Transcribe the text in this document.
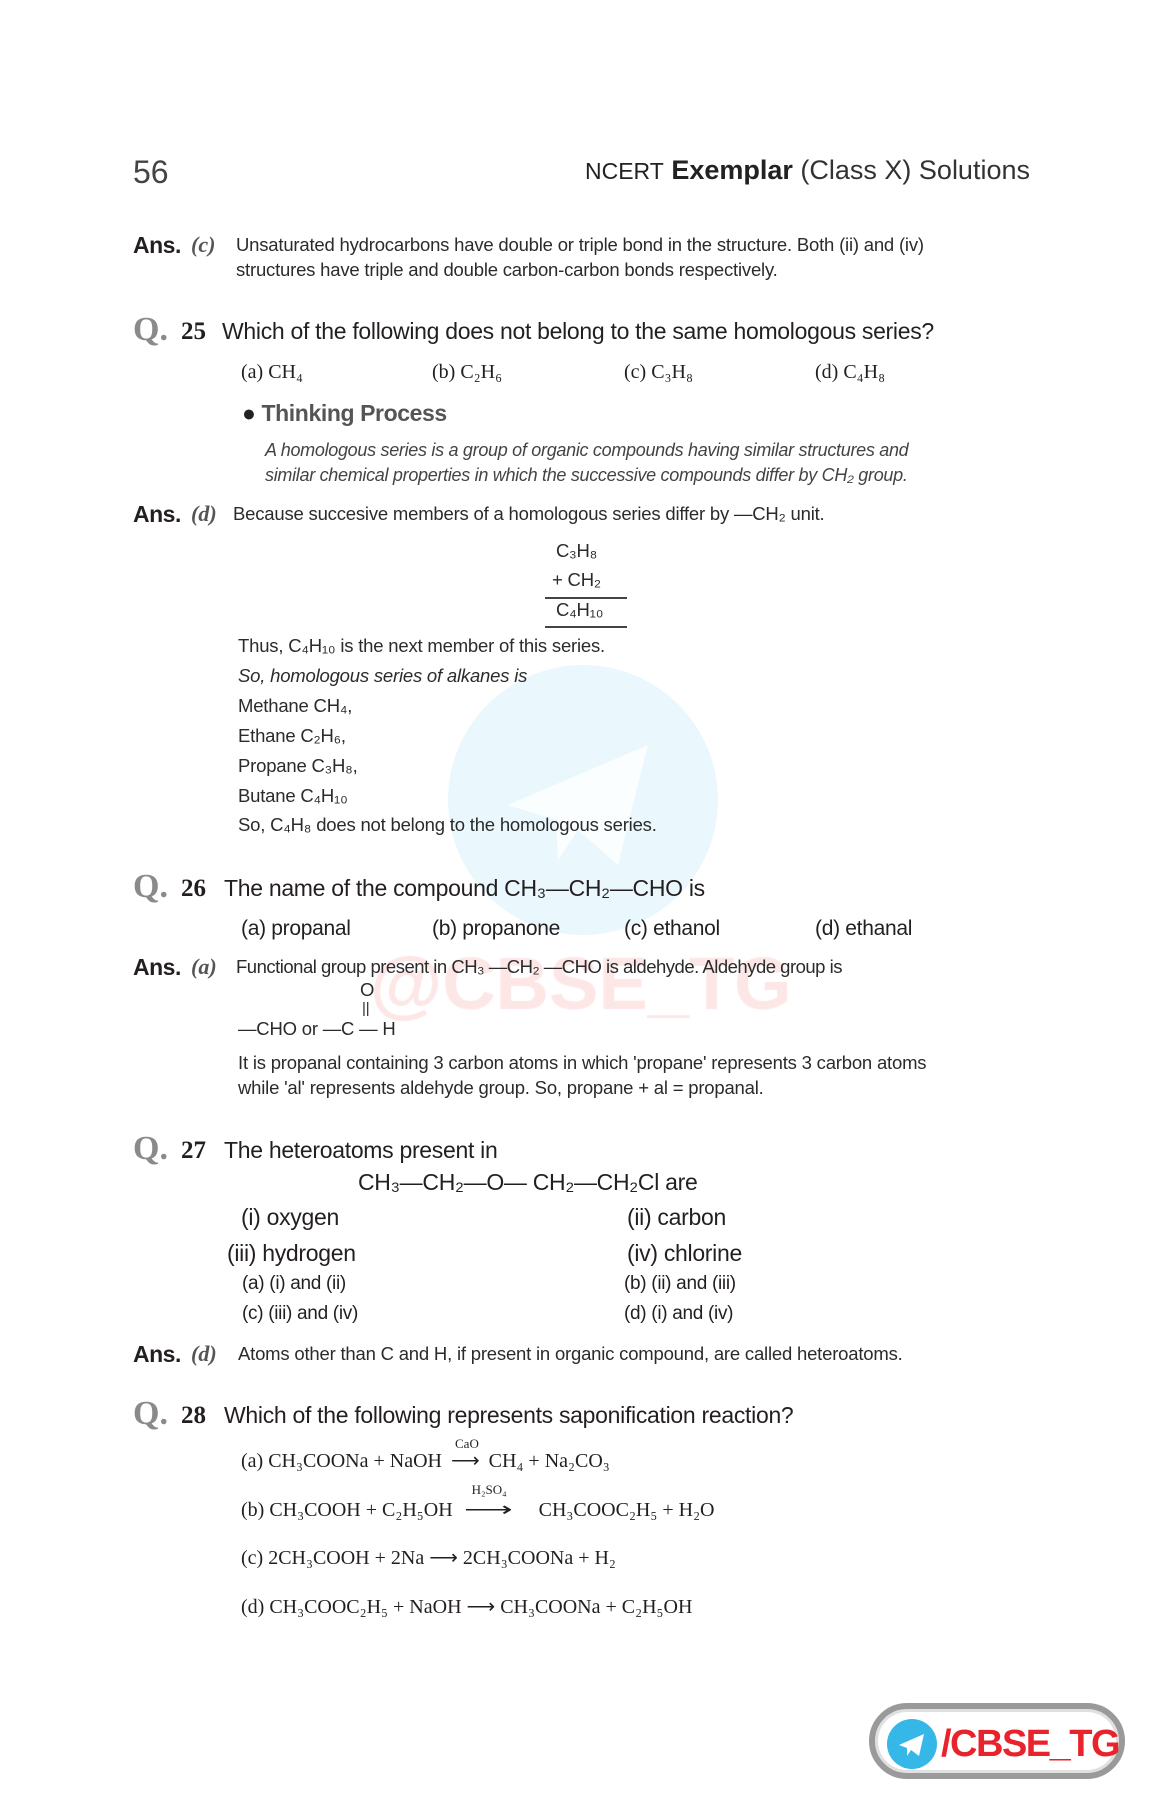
56	NCERT Exemplar (Class X) Solutions
Ans. (c) Unsaturated hydrocarbons have double or triple bond in the structure. Both (ii) and (iv)
structures have triple and double carbon-carbon bonds respectively.
Q. 25 Which of the following does not belong to the same homologous series?
(a) CH₄	(b) C₂H₆	(c) C₃H₈	(d) C₄H₈
● Thinking Process
A homologous series is a group of organic compounds having similar structures and
similar chemical properties in which the successive compounds differ by CH₂ group.
Ans. (d) Because succesive members of a homologous series differ by —CH₂ unit.
C₃H₈
+ CH₂
C₄H₁₀
Thus, C₄H₁₀ is the next member of this series.
So, homologous series of alkanes is
Methane CH₄,
Ethane C₂H₆,
Propane C₃H₈,
Butane C₄H₁₀
So, C₄H₈ does not belong to the homologous series.
Q. 26 The name of the compound CH₃—CH₂—CHO is
(a) propanal	(b) propanone	(c) ethanol	(d) ethanal
Ans. (a) Functional group present in CH₃ —CH₂ —CHO is aldehyde. Aldehyde group is
O
||
—CHO or —C — H
It is propanal containing 3 carbon atoms in which 'propane' represents 3 carbon atoms
while 'al' represents aldehyde group. So, propane + al = propanal.
Q. 27 The heteroatoms present in
CH₃—CH₂—O— CH₂—CH₂Cl are
(i) oxygen	(ii) carbon
(iii) hydrogen	(iv) chlorine
(a) (i) and (ii)	(b) (ii) and (iii)
(c) (iii) and (iv)	(d) (i) and (iv)
Ans. (d) Atoms other than C and H, if present in organic compound, are called heteroatoms.
Q. 28 Which of the following represents saponification reaction?
(a) CH₃COONa + NaOH
CaO
⟶ CH₄ + Na₂CO₃
(b) CH₃COOH + C₂H₅OH
H₂SO₄
⟶ CH₃COOC₂H₅ + H₂O
(c) 2CH₃COOH + 2Na ⟶ 2CH₃COONa + H₂
(d) CH₃COOC₂H₅ + NaOH ⟶ CH₃COONa + C₂H₅OH
/CBSE_TG
